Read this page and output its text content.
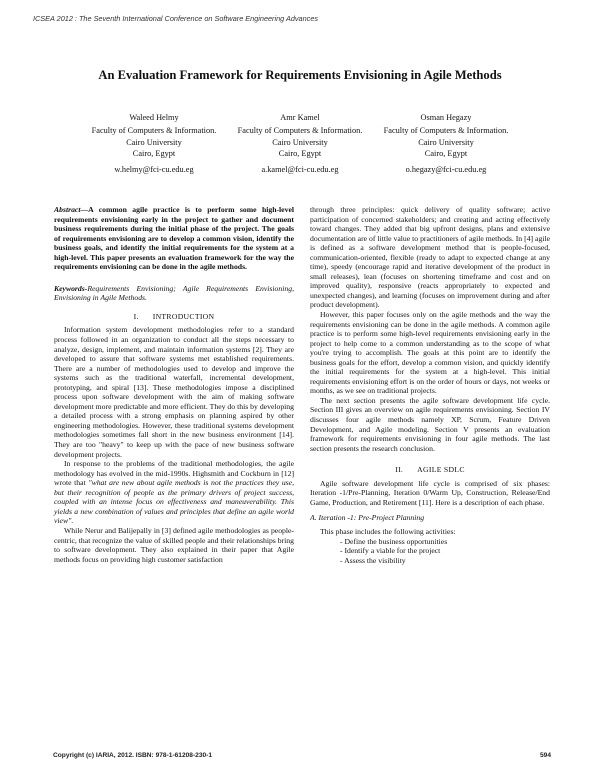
ICSEA 2012 : The Seventh International Conference on Software Engineering Advances
An Evaluation Framework for Requirements Envisioning in Agile Methods
Waleed Helmy
Faculty of Computers & Information.
Cairo University
Cairo, Egypt
w.helmy@fci-cu.edu.eg
Amr Kamel
Faculty of Computers & Information.
Cairo University
Cairo, Egypt
a.kamel@fci-cu.edu.eg
Osman Hegazy
Faculty of Computers & Information.
Cairo University
Cairo, Egypt
o.hegazy@fci-cu.edu.eg

Abstract—A common agile practice is to perform some high-level requirements envisioning early in the project to gather and document business requirements during the initial phase of the project. The goals of requirements envisioning are to develop a common vision, identify the business goals, and identify the initial requirements for the system at a high-level. This paper presents an evaluation framework for the way the requirements envisioning can be done in the agile methods.

Keywords-Requirements Envisioning; Agile Requirements Envisioning, Envisioning in Agile Methods.

I. INTRODUCTION

Information system development methodologies refer to a standard process followed in an organization to conduct all the steps necessary to analyze, design, implement, and maintain information systems [2]. They are developed to assure that software systems met established requirements. There are a number of methodologies used to develop and improve the systems such as the traditional waterfall, incremental development, prototyping, and spiral [13]. These methodologies impose a disciplined process upon software development with the aim of making software development more predictable and more efficient. They do this by developing a detailed process with a strong emphasis on planning aspired by other engineering methodologies. However, these traditional systems development methodologies sometimes fall short in the new business environment [14]. They are too "heavy" to keep up with the pace of new business software development projects.

In response to the problems of the traditional methodologies, the agile methodology has evolved in the mid-1990s. Highsmith and Cockburn in [12] wrote that "what are new about agile methods is not the practices they use, but their recognition of people as the primary drivers of project success, coupled with an intense focus on effectiveness and maneuverability. This yields a new combination of values and principles that define an agile world view".

While Nerur and Balijepally in [3] defined agile methodologies as people-centric, that recognize the value of skilled people and their relationships bring to software development. They also explained in their paper that Agile methods focus on providing high customer satisfaction

through three principles: quick delivery of quality software; active participation of concerned stakeholders; and creating and acting effectively toward changes. They added that big upfront designs, plans and extensive documentation are of little value to practitioners of agile methods. In [4] agile is defined as a software development method that is people-focused, communication-oriented, flexible (ready to adapt to expected change at any time), speedy (encourage rapid and iterative development of the product in small releases), lean (focuses on shortening timeframe and cost and on improved quality), responsive (reacts appropriately to expected and unexpected changes), and learning (focuses on improvement during and after product development).

However, this paper focuses only on the agile methods and the way the requirements envisioning can be done in the agile methods. A common agile practice is to perform some high-level requirements envisioning early in the project to help come to a common understanding as to the scope of what you're trying to accomplish. The goals at this point are to identify the business goals for the effort, develop a common vision, and quickly identify the initial requirements for the system at a high-level. This initial requirements envisioning effort is on the order of hours or days, not weeks or months, as we see on traditional projects.

The next section presents the agile software development life cycle. Section III gives an overview on agile requirements envisioning. Section IV discusses four agile methods namely XP, Scrum, Feature Driven Development, and Agile modeling. Section V presents an evaluation framework for requirements envisioning in four agile methods. The last section presents the research conclusion.

II. AGILE SDLC

Agile software development life cycle is comprised of six phases: Iteration -1/Pre-Planning, Iteration 0/Warm Up, Construction, Release/End Game, Production, and Retirement [11]. Here is a description of each phase.

A. Iteration -1: Pre-Project Planning

This phase includes the following activities:

- Define the business opportunities
- Identify a viable for the project
- Assess the visibility
Copyright (c) IARIA, 2012. ISBN: 978-1-61208-230-1	594
